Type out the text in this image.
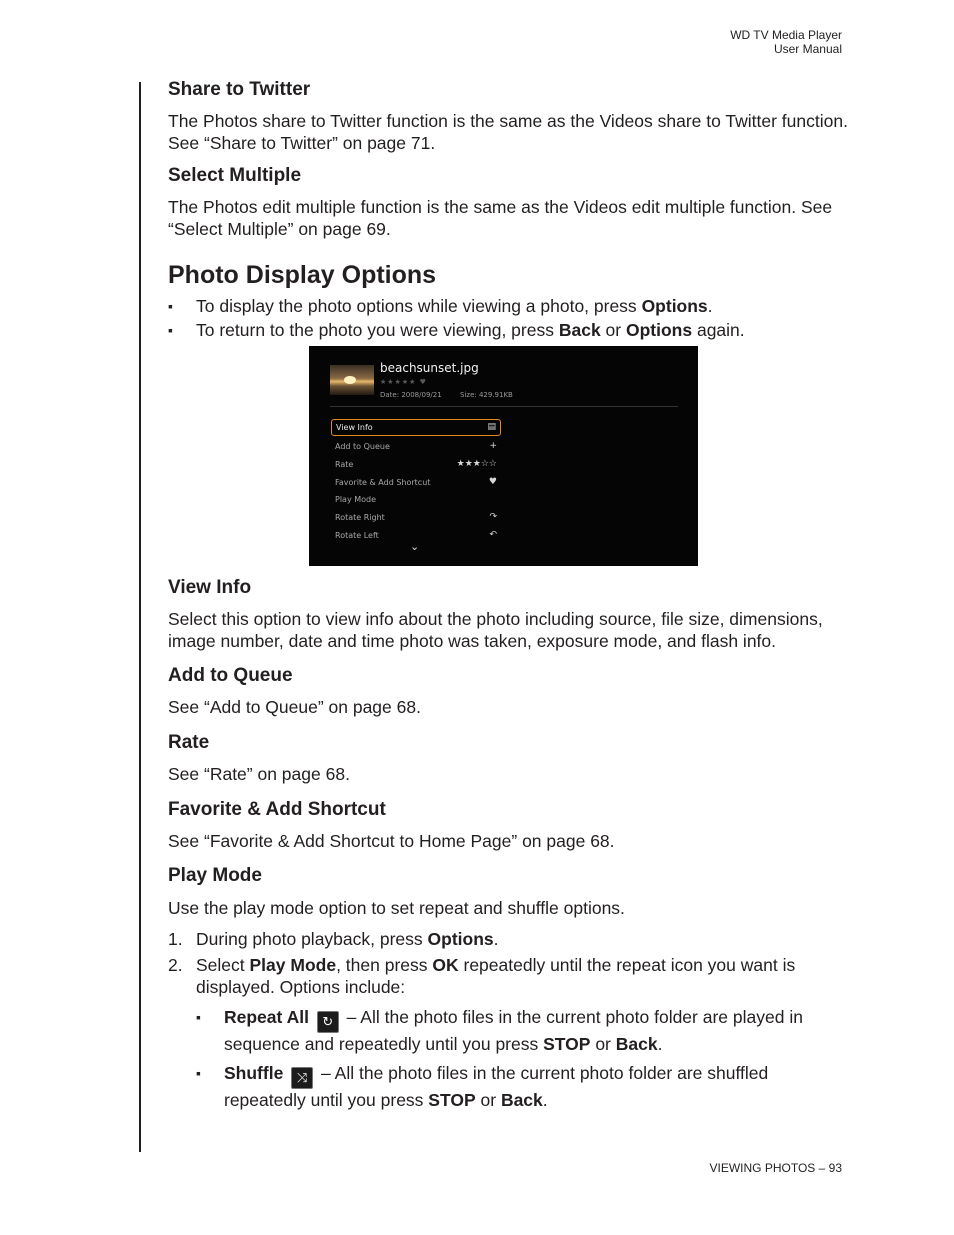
WD TV Media Player
User Manual
Share to Twitter

The Photos share to Twitter function is the same as the Videos share to Twitter function. See “Share to Twitter” on page 71.

Select Multiple

The Photos edit multiple function is the same as the Videos edit multiple function. See “Select Multiple” on page 69.

Photo Display Options
▪ To display the photo options while viewing a photo, press Options.
▪ To return to the photo you were viewing, press Back or Options again.
beachsunset.jpg
★★★★★ ♥
Date: 2008/09/21	Size: 429.91KB
View Info	▤
Add to Queue	+
Rate	★★★☆☆
Favorite & Add Shortcut	♥
Play Mode
Rotate Right	↷
Rotate Left	↶
⌄
View Info

Select this option to view info about the photo including source, file size, dimensions, image number, date and time photo was taken, exposure mode, and flash info.

Add to Queue

See “Add to Queue” on page 68.

Rate

See “Rate” on page 68.

Favorite & Add Shortcut

See “Favorite & Add Shortcut to Home Page” on page 68.

Play Mode

Use the play mode option to set repeat and shuffle options.

1. During photo playback, press Options.
2. Select Play Mode, then press OK repeatedly until the repeat icon you want is displayed. Options include:
▪ Repeat All ↻ – All the photo files in the current photo folder are played in sequence and repeatedly until you press STOP or Back.
▪ Shuffle ⤨ – All the photo files in the current photo folder are shuffled repeatedly until you press STOP or Back.
VIEWING PHOTOS – 93
